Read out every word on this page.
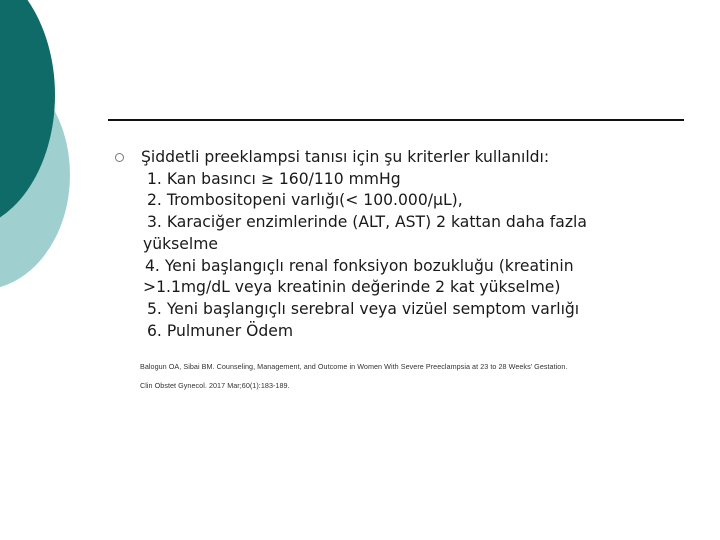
Şiddetli preeklampsi tanısı için şu kriterler kullanıldı:
1. Kan basıncı ≥ 160/110 mmHg
2. Trombositopeni varlığı(< 100.000/µL),
3. Karaciğer enzimlerinde (ALT, AST) 2 kattan daha fazla
yükselme
4. Yeni başlangıçlı renal fonksiyon bozukluğu (kreatinin
>1.1mg/dL veya kreatinin değerinde 2 kat yükselme)
5. Yeni başlangıçlı serebral veya vizüel semptom varlığı
6. Pulmuner Ödem
Balogun OA, Sibai BM. Counseling, Management, and Outcome in Women With Severe Preeclampsia at 23 to 28 Weeks' Gestation.
Clin Obstet Gynecol. 2017 Mar;60(1):183-189.
